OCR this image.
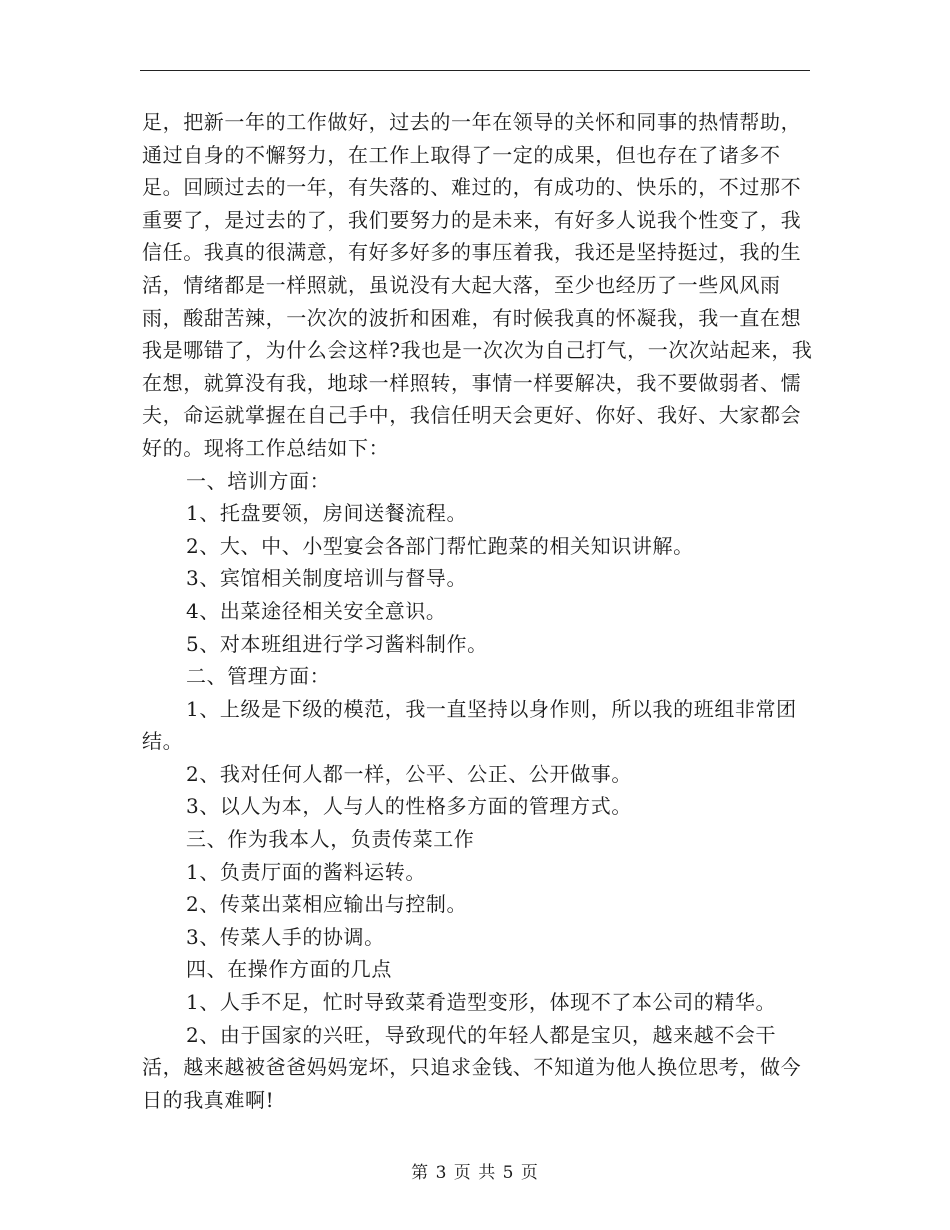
足，把新一年的工作做好，过去的一年在领导的关怀和同事的热情帮助，通过自身的不懈努力，在工作上取得了一定的成果，但也存在了诸多不足。回顾过去的一年，有失落的、难过的，有成功的、快乐的，不过那不重要了，是过去的了，我们要努力的是未来，有好多人说我个性变了，我信任。我真的很满意，有好多好多的事压着我，我还是坚持挺过，我的生活，情绪都是一样照就，虽说没有大起大落，至少也经历了一些风风雨雨，酸甜苦辣，一次次的波折和困难，有时候我真的怀凝我，我一直在想我是哪错了，为什么会这样?我也是一次次为自己打气，一次次站起来，我在想，就算没有我，地球一样照转，事情一样要解决，我不要做弱者、懦夫，命运就掌握在自己手中，我信任明天会更好、你好、我好、大家都会好的。现将工作总结如下：

一、培训方面：

1、托盘要领，房间送餐流程。

2、大、中、小型宴会各部门帮忙跑菜的相关知识讲解。

3、宾馆相关制度培训与督导。

4、出菜途径相关安全意识。

5、对本班组进行学习酱料制作。

二、管理方面：

1、上级是下级的模范，我一直坚持以身作则，所以我的班组非常团结。

2、我对任何人都一样，公平、公正、公开做事。

3、以人为本，人与人的性格多方面的管理方式。

三、作为我本人，负责传菜工作

1、负责厅面的酱料运转。

2、传菜出菜相应输出与控制。

3、传菜人手的协调。

四、在操作方面的几点

1、人手不足，忙时导致菜肴造型变形，体现不了本公司的精华。

2、由于国家的兴旺，导致现代的年轻人都是宝贝，越来越不会干活，越来越被爸爸妈妈宠坏，只追求金钱、不知道为他人换位思考，做今日的我真难啊!

第 3 页 共 5 页
